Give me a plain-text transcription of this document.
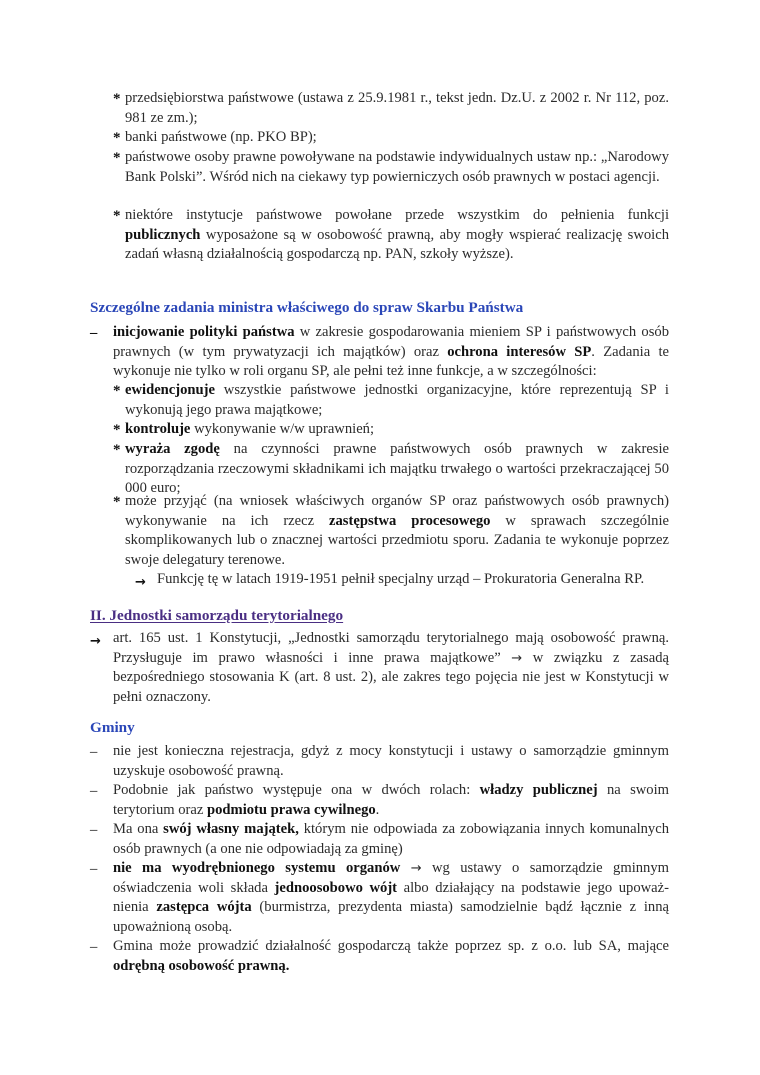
* przedsiębiorstwa państwowe (ustawa z 25.9.1981 r., tekst jedn. Dz.U. z 2002 r. Nr 112, poz. 981 ze zm.);
* banki państwowe (np. PKO BP);
* państwowe osoby prawne powoływane na podstawie indywidualnych ustaw np.: „Narodowy Bank Polski”. Wśród nich na ciekawy typ powierniczych osób prawnych w postaci agencji.
* niektóre instytucje państwowe powołane przede wszystkim do pełnienia funkcji publicznych wyposażone są w osobowość prawną, aby mogły wspierać realizację swoich zadań własną działalnością gospodarczą np. PAN, szkoły wyższe).
Szczególne zadania ministra właściwego do spraw Skarbu Państwa
–	inicjowanie polityki państwa w zakresie gospodarowania mieniem SP i państwowych osób prawnych (w tym prywatyzacji ich majątków) oraz ochrona interesów SP. Zadania te wykonuje nie tylko w roli organu SP, ale pełni też inne funkcje, a w szczególności:
* ewidencjonuje wszystkie państwowe jednostki organizacyjne, które reprezentują SP i wykonują jego prawa majątkowe;
* kontroluje wykonywanie w/w uprawnień;
* wyraża zgodę na czynności prawne państwowych osób prawnych w zakresie rozporządzania rzeczowymi składnikami ich majątku trwałego o wartości przekraczającej 50 000 euro;
* może przyjąć (na wniosek właściwych organów SP oraz państwowych osób prawnych) wykonywanie na ich rzecz zastępstwa procesowego w sprawach szczególnie skomplikowanych lub o znacznej wartości przedmiotu sporu. Zadania te wykonuje poprzez swoje delegatury terenowe.
→ Funkcję tę w latach 1919-1951 pełnił specjalny urząd – Prokuratoria Generalna RP.
II. Jednostki samorządu terytorialnego
→ art. 165 ust. 1 Konstytucji, „Jednostki samorządu terytorialnego mają osobowość prawną. Przysługuje im prawo własności i inne prawa majątkowe” → w związku z zasadą bezpośredniego stosowania K (art. 8 ust. 2), ale zakres tego pojęcia nie jest w Konstytucji w pełni oznaczony.
Gminy
–	nie jest konieczna rejestracja, gdyż z mocy konstytucji i ustawy o samorządzie gminnym uzyskuje osobowość prawną.
–	Podobnie jak państwo występuje ona w dwóch rolach: władzy publicznej na swoim terytorium oraz podmiotu prawa cywilnego.
–	Ma ona swój własny majątek, którym nie odpowiada za zobowiązania innych komunalnych osób prawnych (a one nie odpowiadają za gminę)
–	nie ma wyodrębnionego systemu organów → wg ustawy o samorządzie gminnym oświadczenia woli składa jednoosobowo wójt albo działający na podstawie jego upoważnienia zastępca wójta (burmistrza, prezydenta miasta) samodzielnie bądź łącznie z inną upoważnioną osobą.
–	Gmina może prowadzić działalność gospodarczą także poprzez sp. z o.o. lub SA, mające odrębną osobowość prawną.
